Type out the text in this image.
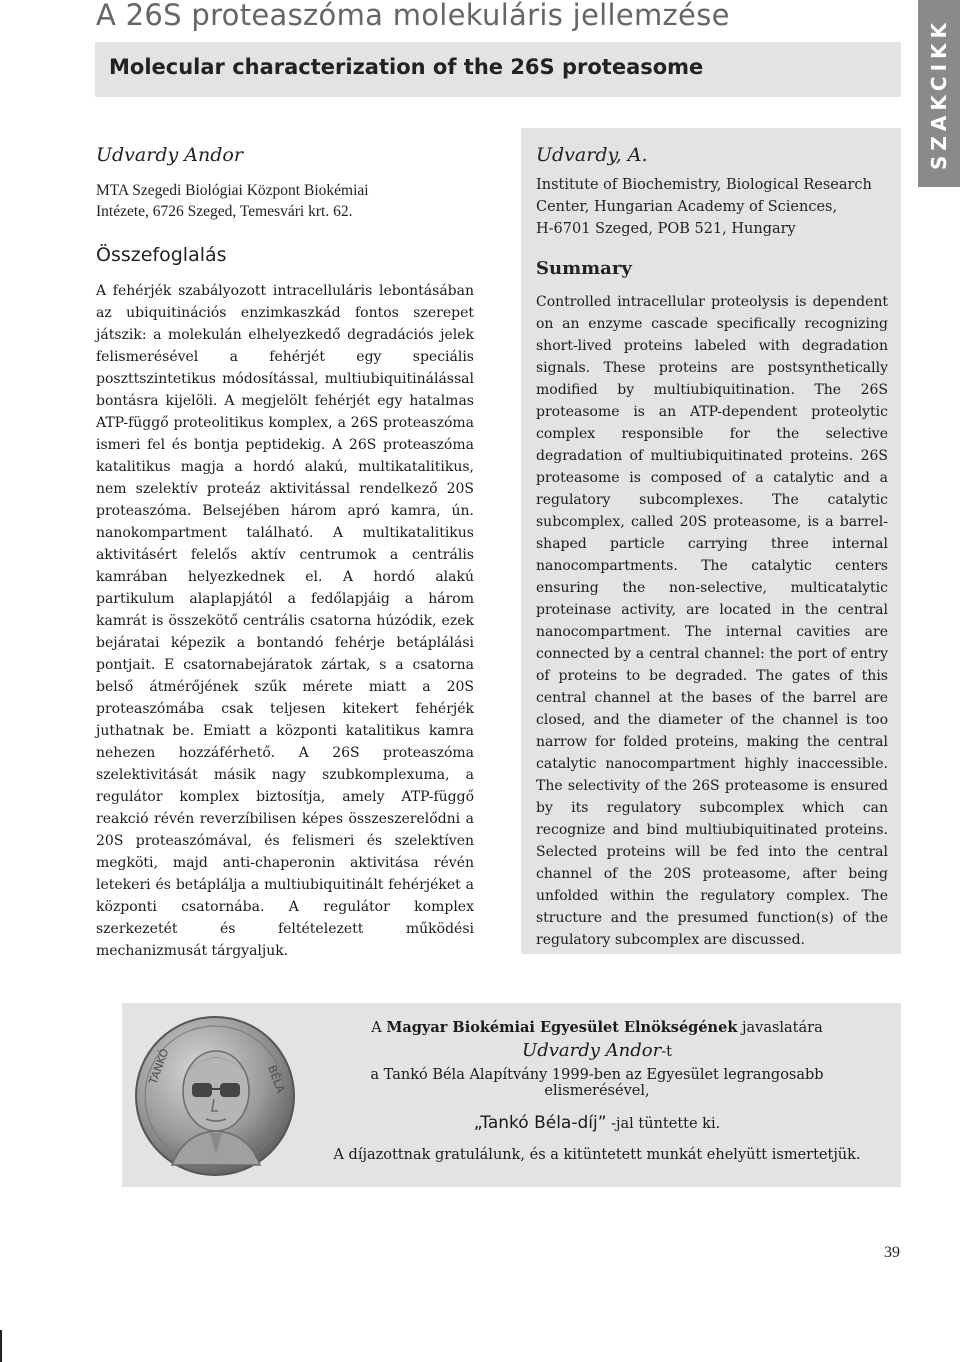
A 26S proteaszóma molekuláris jellemzése
Molecular characterization of the 26S proteasome	SZAKCIKK

Udvardy Andor

MTA Szegedi Biológiai Központ Biokémiai

Intézete, 6726 Szeged, Temesvári krt. 62.

Összefoglalás

A fehérjék szabályozott intracelluláris lebontásában az ubiquitinációs enzimkaszkád fontos szerepet játszik: a molekulán elhelyezkedő degradációs jelek felismerésével a fehérjét egy speciális poszttszintetikus módosítással, multiubiquitinálással bontásra kijelöli. A megjelölt fehérjét egy hatalmas ATP-függő proteolitikus komplex, a 26S proteaszóma ismeri fel és bontja peptidekig. A 26S proteaszóma katalitikus magja a hordó alakú, multikatalitikus, nem szelektív proteáz aktivitással rendelkező 20S proteaszóma. Belsejében három apró kamra, ún. nanokompartment található. A multikatalitikus aktivitásért felelős aktív centrumok a centrális kamrában helyezkednek el. A hordó alakú partikulum alaplapjától a fedőlapjáig a három kamrát is összekötő centrális csatorna húzódik, ezek bejáratai képezik a bontandó fehérje betáplálási pontjait. E csatornabejáratok zártak, s a csatorna belső átmérőjének szűk mérete miatt a 20S proteaszómába csak teljesen kitekert fehérjék juthatnak be. Emiatt a központi katalitikus kamra nehezen hozzáférhető. A 26S proteaszóma szelektivitását másik nagy szubkomplexuma, a regulátor komplex biztosítja, amely ATP-függő reakció révén reverzíbilisen képes összeszerelődni a 20S proteaszómával, és felismeri és szelektíven megköti, majd anti-chaperonin aktivitása révén letekeri és betáplálja a multiubiquitinált fehérjéket a központi csatornába. A regulátor komplex szerkezetét és feltételezett működési mechanizmusát tárgyaljuk.

Udvardy, A.

Institute of Biochemistry, Biological Research

Center, Hungarian Academy of Sciences,

H-6701 Szeged, POB 521, Hungary

Summary

Controlled intracellular proteolysis is dependent on an enzyme cascade specifically recognizing short-lived proteins labeled with degradation signals. These proteins are postsynthetically modified by multiubiquitination. The 26S proteasome is an ATP-dependent proteolytic complex responsible for the selective degradation of multiubiquitinated proteins. 26S proteasome is composed of a catalytic and a regulatory subcomplexes. The catalytic subcomplex, called 20S proteasome, is a barrel-shaped particle carrying three internal nanocompartments. The catalytic centers ensuring the non-selective, multicatalytic proteinase activity, are located in the central nanocompartment. The internal cavities are connected by a central channel: the port of entry of proteins to be degraded. The gates of this central channel at the bases of the barrel are closed, and the diameter of the channel is too narrow for folded proteins, making the central catalytic nanocompartment highly inaccessible. The selectivity of the 26S proteasome is ensured by its regulatory subcomplex which can recognize and bind multiubiquitinated proteins. Selected proteins will be fed into the central channel of the 20S proteasome, after being unfolded within the regulatory complex. The structure and the presumed function(s) of the regulatory subcomplex are discussed.

TANKÓ	BÉLA

A Magyar Biokémiai Egyesület Elnökségének javaslatára

Udvardy Andor-t

a Tankó Béla Alapítvány 1999-ben az Egyesület legrangosabb elismerésével,

„Tankó Béla-díj” -jal tüntette ki.

A díjazottnak gratulálunk, és a kitüntetett munkát ehelyütt ismertetjük.

39
